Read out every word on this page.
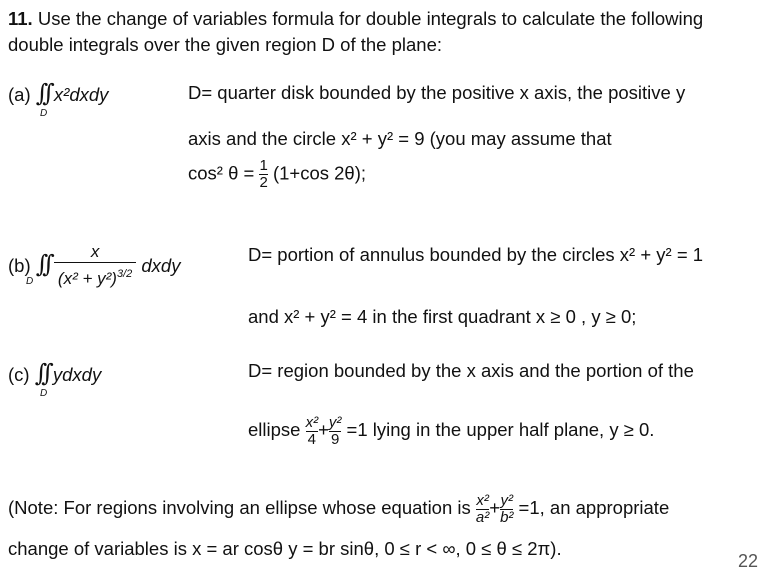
11. Use the change of variables formula for double integrals to calculate the following
double integrals over the given region D of the plane:
(a) ∫∫ x²dxdy
D
D= quarter disk bounded by the positive x axis, the positive y
axis and the circle x² + y² = 9 (you may assume that
cos² $\theta = \frac{1}{2} (1+\cos$ 2θ);
(b) ∫∫ $\frac{x}{(x^2 + y^2)^{3/2}}$ dxdy
D
D= portion of annulus bounded by the circles x² + y² = 1
and x² + y² = 4 in the first quadrant x ≥ 0 , y ≥ 0;
(c) ∫∫ ydxdy
D
D= region bounded by the x axis and the portion of the
ellipse $\frac{\text{x²}}{4} + \frac{\text{y²}}{9} =1$ lying in the upper half plane, y ≥ 0.
(Note: For regions involving an ellipse whose equation is $\frac{\text{x²}}{\text{a²}} + \frac{\text{y²}}{\text{b²}} =1$, an appropriate
change of variables is x = ar cosθ y = br sinθ, 0 ≤ r < ∞, 0 ≤ θ ≤ 2π).
22
